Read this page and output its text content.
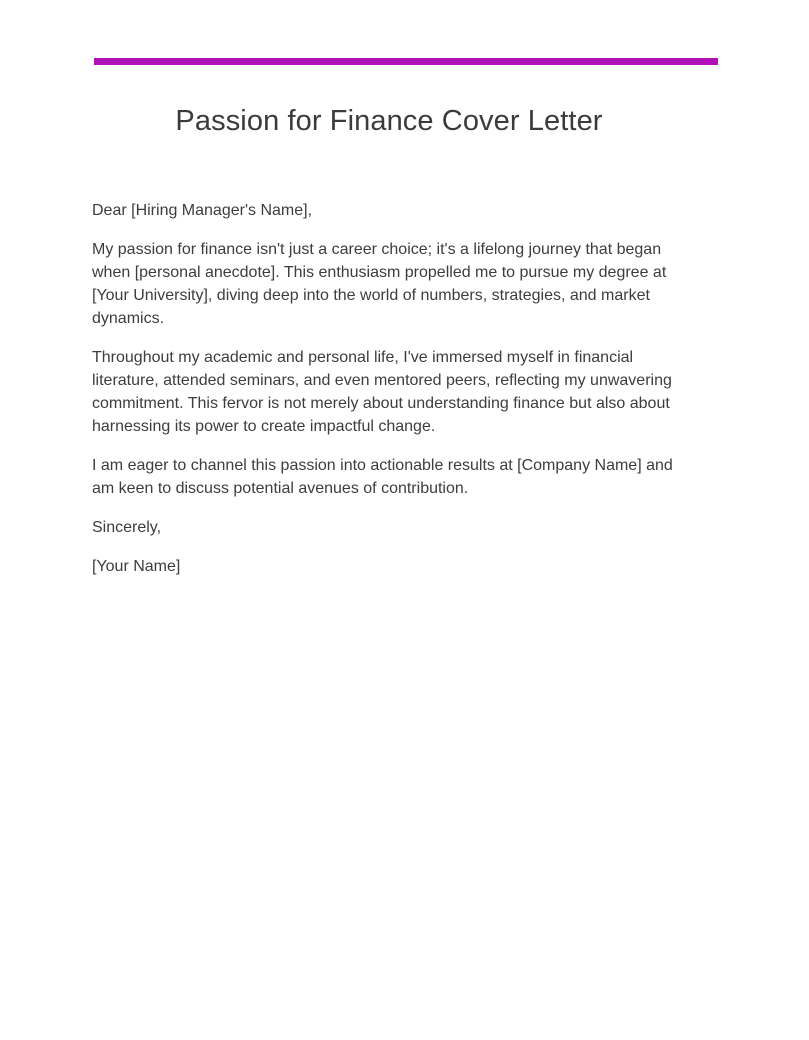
Passion for Finance Cover Letter

Dear [Hiring Manager's Name],

My passion for finance isn't just a career choice; it's a lifelong journey that began when [personal anecdote]. This enthusiasm propelled me to pursue my degree at [Your University], diving deep into the world of numbers, strategies, and market dynamics.

Throughout my academic and personal life, I've immersed myself in financial literature, attended seminars, and even mentored peers, reflecting my unwavering commitment. This fervor is not merely about understanding finance but also about harnessing its power to create impactful change.

I am eager to channel this passion into actionable results at [Company Name] and am keen to discuss potential avenues of contribution.

Sincerely,

[Your Name]
